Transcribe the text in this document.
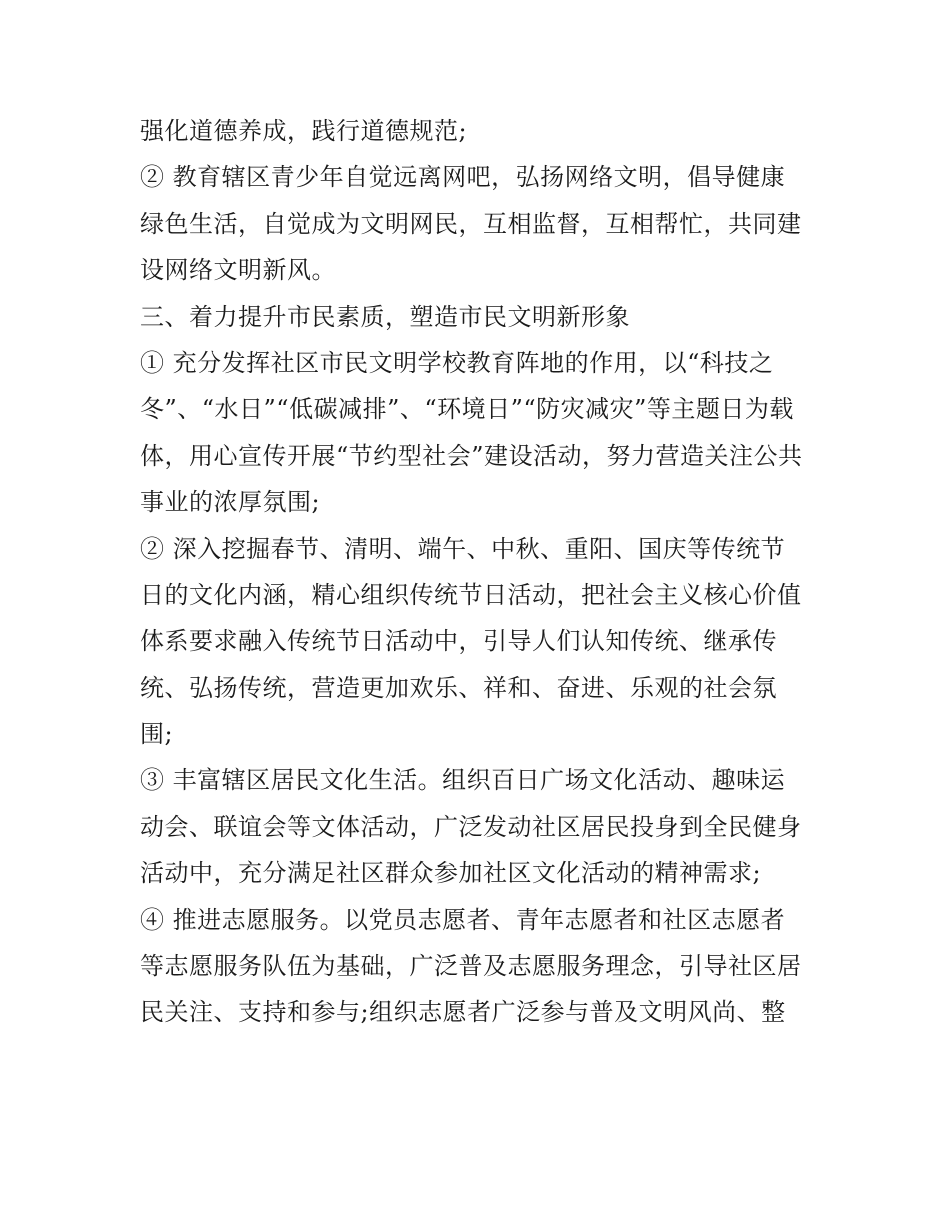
强化道德养成，践行道德规范;
② 教育辖区青少年自觉远离网吧，弘扬网络文明，倡导健康
绿色生活，自觉成为文明网民，互相监督，互相帮忙，共同建
设网络文明新风。
三、着力提升市民素质，塑造市民文明新形象
① 充分发挥社区市民文明学校教育阵地的作用，以“科技之
冬”、“水日”“低碳减排”、“环境日”“防灾减灾”等主题日为载
体，用心宣传开展“节约型社会”建设活动，努力营造关注公共
事业的浓厚氛围;
② 深入挖掘春节、清明、端午、中秋、重阳、国庆等传统节
日的文化内涵，精心组织传统节日活动，把社会主义核心价值
体系要求融入传统节日活动中，引导人们认知传统、继承传
统、弘扬传统，营造更加欢乐、祥和、奋进、乐观的社会氛
围;
③ 丰富辖区居民文化生活。组织百日广场文化活动、趣味运
动会、联谊会等文体活动，广泛发动社区居民投身到全民健身
活动中，充分满足社区群众参加社区文化活动的精神需求;
④ 推进志愿服务。以党员志愿者、青年志愿者和社区志愿者
等志愿服务队伍为基础，广泛普及志愿服务理念，引导社区居
民关注、支持和参与;组织志愿者广泛参与普及文明风尚、整
